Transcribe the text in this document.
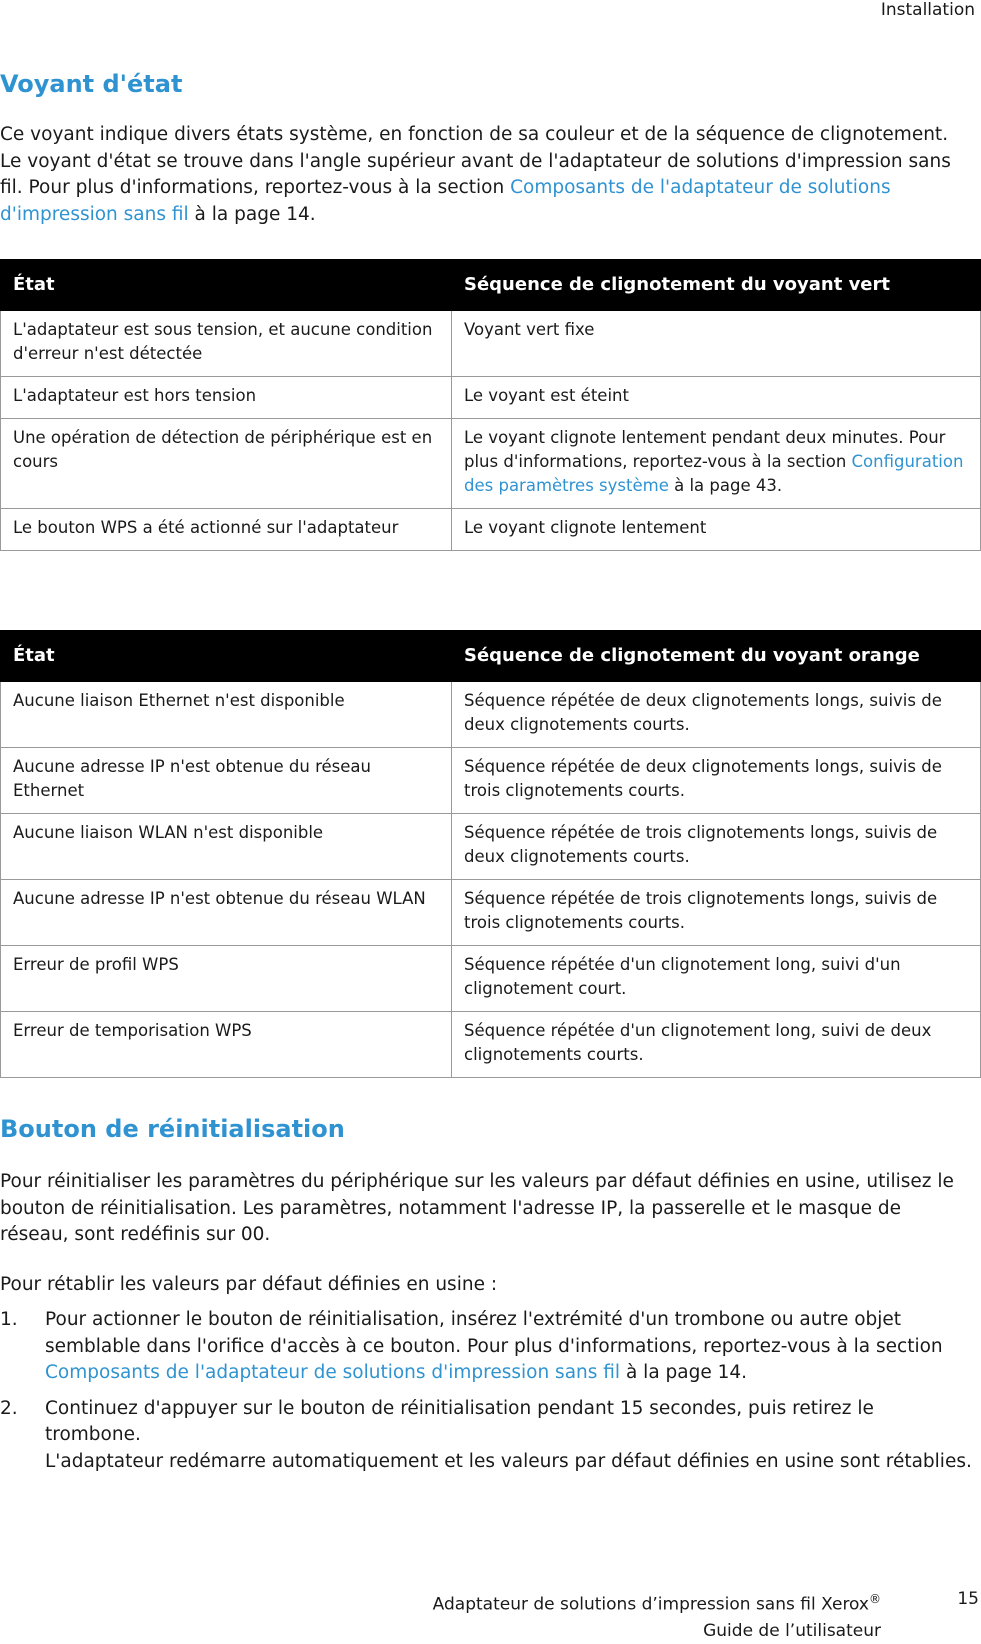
Installation
Voyant d'état

Ce voyant indique divers états système, en fonction de sa couleur et de la séquence de clignotement. Le voyant d'état se trouve dans l'angle supérieur avant de l'adaptateur de solutions d'impression sans fil. Pour plus d'informations, reportez-vous à la section Composants de l'adaptateur de solutions d'impression sans fil à la page 14.

État	Séquence de clignotement du voyant vert
L'adaptateur est sous tension, et aucune condition d'erreur n'est détectée	Voyant vert fixe
L'adaptateur est hors tension	Le voyant est éteint
Une opération de détection de périphérique est en cours	Le voyant clignote lentement pendant deux minutes. Pour plus d'informations, reportez-vous à la section Configuration des paramètres système à la page 43.
Le bouton WPS a été actionné sur l'adaptateur	Le voyant clignote lentement
État	Séquence de clignotement du voyant orange
Aucune liaison Ethernet n'est disponible	Séquence répétée de deux clignotements longs, suivis de deux clignotements courts.
Aucune adresse IP n'est obtenue du réseau Ethernet	Séquence répétée de deux clignotements longs, suivis de trois clignotements courts.
Aucune liaison WLAN n'est disponible	Séquence répétée de trois clignotements longs, suivis de deux clignotements courts.
Aucune adresse IP n'est obtenue du réseau WLAN	Séquence répétée de trois clignotements longs, suivis de trois clignotements courts.
Erreur de profil WPS	Séquence répétée d'un clignotement long, suivi d'un clignotement court.
Erreur de temporisation WPS	Séquence répétée d'un clignotement long, suivi de deux clignotements courts.
Bouton de réinitialisation

Pour réinitialiser les paramètres du périphérique sur les valeurs par défaut définies en usine, utilisez le bouton de réinitialisation. Les paramètres, notamment l'adresse IP, la passerelle et le masque de réseau, sont redéfinis sur 00.

Pour rétablir les valeurs par défaut définies en usine :

1. Pour actionner le bouton de réinitialisation, insérez l'extrémité d'un trombone ou autre objet semblable dans l'orifice d'accès à ce bouton. Pour plus d'informations, reportez-vous à la section Composants de l'adaptateur de solutions d'impression sans fil à la page 14.
2. Continuez d'appuyer sur le bouton de réinitialisation pendant 15 secondes, puis retirez le trombone.
L'adaptateur redémarre automatiquement et les valeurs par défaut définies en usine sont rétablies.
Adaptateur de solutions d’impression sans fil Xerox®
Guide de l’utilisateur
15
